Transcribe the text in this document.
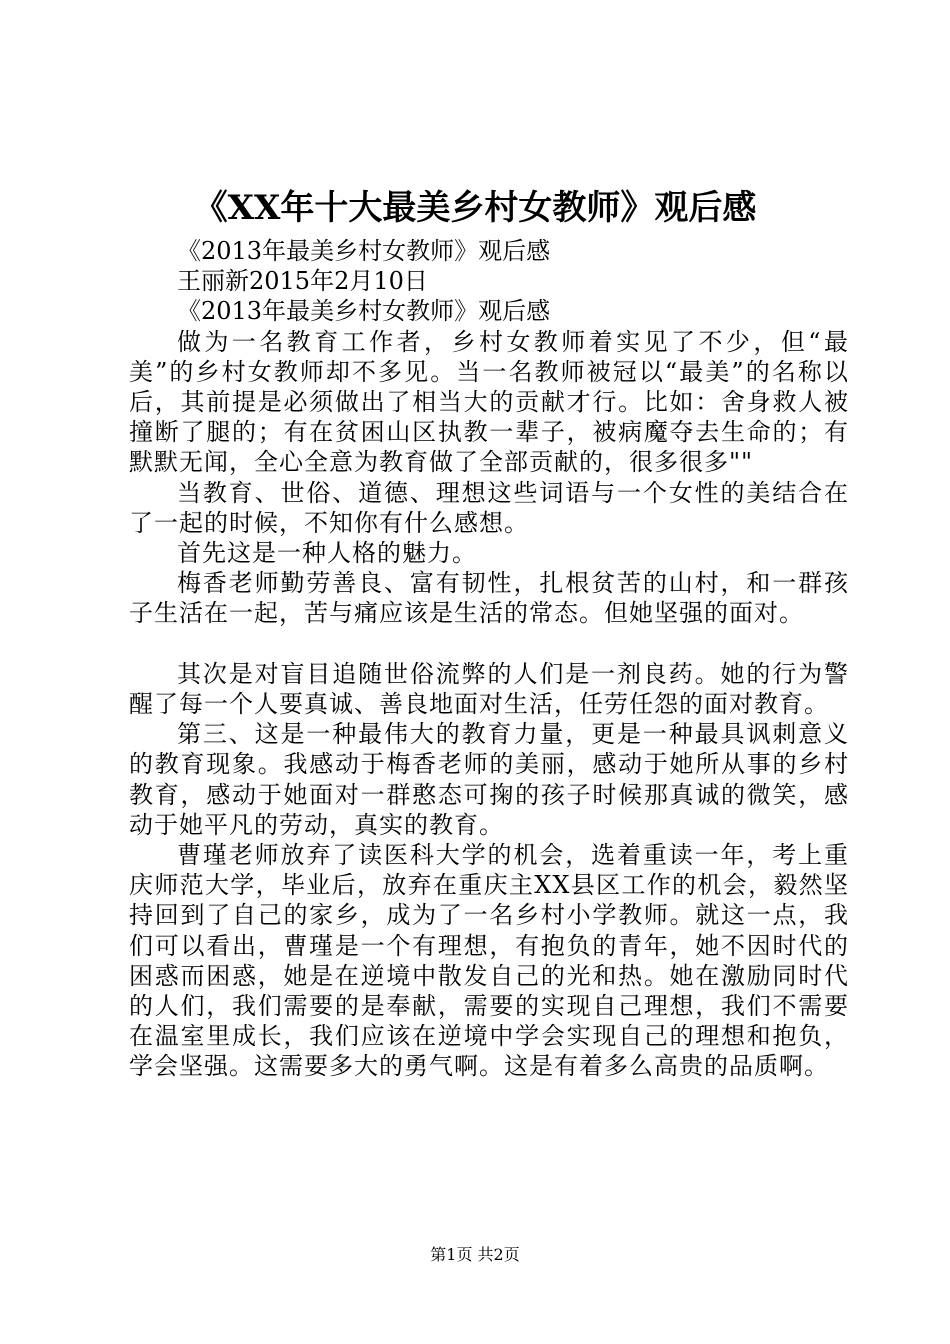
《XX年十大最美乡村女教师》观后感

《2013年最美乡村女教师》观后感

王丽新2015年2月10日

《2013年最美乡村女教师》观后感

做为一名教育工作者，乡村女教师着实见了不少，但“最美”的乡村女教师却不多见。当一名教师被冠以“最美”的名称以后，其前提是必须做出了相当大的贡献才行。比如：舍身救人被撞断了腿的；有在贫困山区执教一辈子，被病魔夺去生命的；有默默无闻，全心全意为教育做了全部贡献的，很多很多""

当教育、世俗、道德、理想这些词语与一个女性的美结合在了一起的时候，不知你有什么感想。

首先这是一种人格的魅力。

梅香老师勤劳善良、富有韧性，扎根贫苦的山村，和一群孩子生活在一起，苦与痛应该是生活的常态。但她坚强的面对。

其次是对盲目追随世俗流弊的人们是一剂良药。她的行为警醒了每一个人要真诚、善良地面对生活，任劳任怨的面对教育。

第三、这是一种最伟大的教育力量，更是一种最具讽刺意义的教育现象。我感动于梅香老师的美丽，感动于她所从事的乡村教育，感动于她面对一群憨态可掬的孩子时候那真诚的微笑，感动于她平凡的劳动，真实的教育。

曹瑾老师放弃了读医科大学的机会，选着重读一年，考上重庆师范大学，毕业后，放弃在重庆主XX县区工作的机会，毅然坚持回到了自己的家乡，成为了一名乡村小学教师。就这一点，我们可以看出，曹瑾是一个有理想，有抱负的青年，她不因时代的困惑而困惑，她是在逆境中散发自己的光和热。她在激励同时代的人们，我们需要的是奉献，需要的实现自己理想，我们不需要在温室里成长，我们应该在逆境中学会实现自己的理想和抱负，学会坚强。这需要多大的勇气啊。这是有着多么高贵的品质啊。

第1页 共2页
